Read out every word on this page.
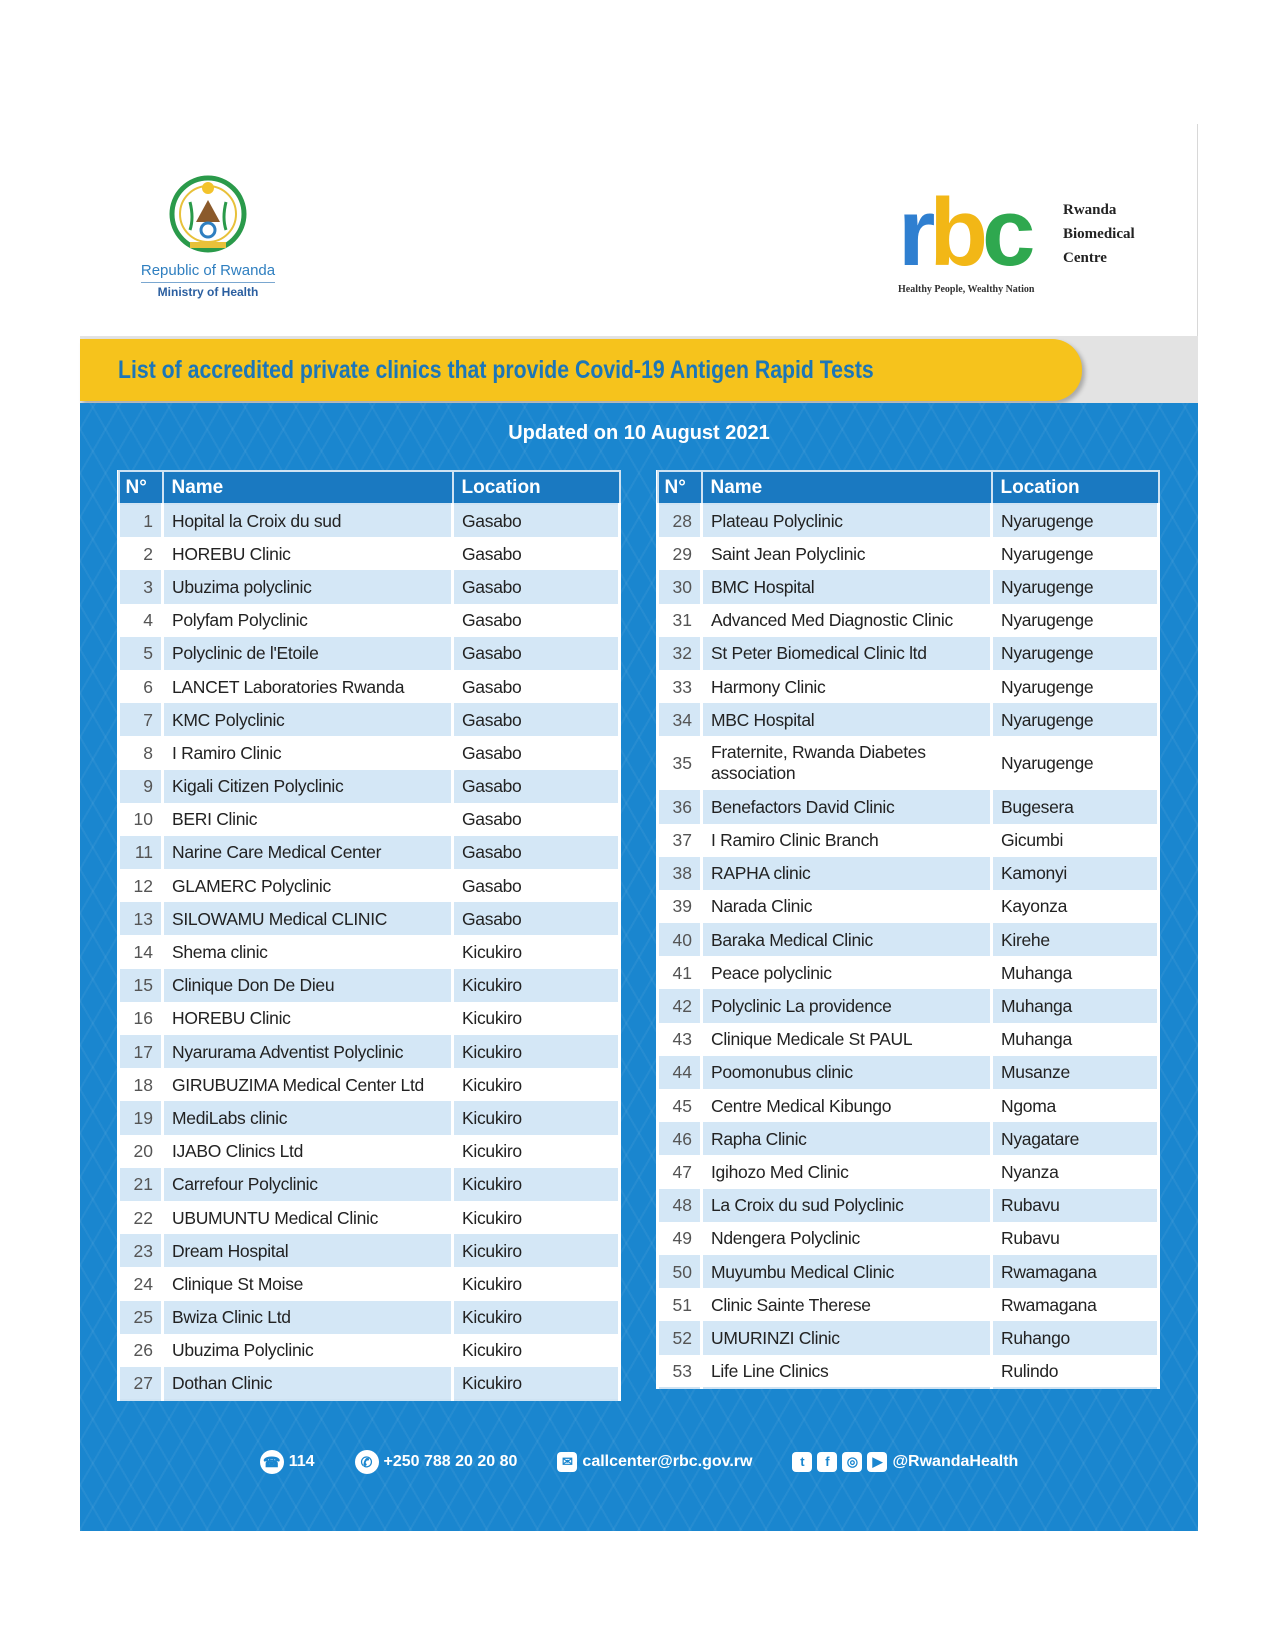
Republic of Rwanda
Ministry of Health
rbc Rwanda
Biomedical
Centre
Healthy People, Wealthy Nation
List of accredited private clinics that provide Covid-19 Antigen Rapid Tests
Updated on 10 August 2021
N°	Name	Location
1	Hopital la Croix du sud	Gasabo
2	HOREBU Clinic	Gasabo
3	Ubuzima polyclinic	Gasabo
4	Polyfam Polyclinic	Gasabo
5	Polyclinic de l'Etoile	Gasabo
6	LANCET Laboratories Rwanda	Gasabo
7	KMC Polyclinic	Gasabo
8	I Ramiro Clinic	Gasabo
9	Kigali Citizen Polyclinic	Gasabo
10	BERI Clinic	Gasabo
11	Narine Care Medical Center	Gasabo
12	GLAMERC Polyclinic	Gasabo
13	SILOWAMU Medical CLINIC	Gasabo
14	Shema clinic	Kicukiro
15	Clinique Don De Dieu	Kicukiro
16	HOREBU Clinic	Kicukiro
17	Nyarurama Adventist Polyclinic	Kicukiro
18	GIRUBUZIMA Medical Center Ltd	Kicukiro
19	MediLabs clinic	Kicukiro
20	IJABO Clinics Ltd	Kicukiro
21	Carrefour Polyclinic	Kicukiro
22	UBUMUNTU Medical Clinic	Kicukiro
23	Dream Hospital	Kicukiro
24	Clinique St Moise	Kicukiro
25	Bwiza Clinic Ltd	Kicukiro
26	Ubuzima Polyclinic	Kicukiro
27	Dothan Clinic	Kicukiro
N°	Name	Location
28	Plateau Polyclinic	Nyarugenge
29	Saint Jean Polyclinic	Nyarugenge
30	BMC Hospital	Nyarugenge
31	Advanced Med Diagnostic Clinic	Nyarugenge
32	St Peter Biomedical Clinic ltd	Nyarugenge
33	Harmony Clinic	Nyarugenge
34	MBC Hospital	Nyarugenge
35	Fraternite, Rwanda Diabetes association	Nyarugenge
36	Benefactors David Clinic	Bugesera
37	I Ramiro Clinic Branch	Gicumbi
38	RAPHA clinic	Kamonyi
39	Narada Clinic	Kayonza
40	Baraka Medical Clinic	Kirehe
41	Peace polyclinic	Muhanga
42	Polyclinic La providence	Muhanga
43	Clinique Medicale St PAUL	Muhanga
44	Poomonubus clinic	Musanze
45	Centre Medical Kibungo	Ngoma
46	Rapha Clinic	Nyagatare
47	Igihozo Med Clinic	Nyanza
48	La Croix du sud Polyclinic	Rubavu
49	Ndengera Polyclinic	Rubavu
50	Muyumbu Medical Clinic	Rwamagana
51	Clinic Sainte Therese	Rwamagana
52	UMURINZI Clinic	Ruhango
53	Life Line Clinics	Rulindo
☎ 114	✆ +250 788 20 20 80	✉ callcenter@rbc.gov.rw	t	f	◎	▶ @RwandaHealth
